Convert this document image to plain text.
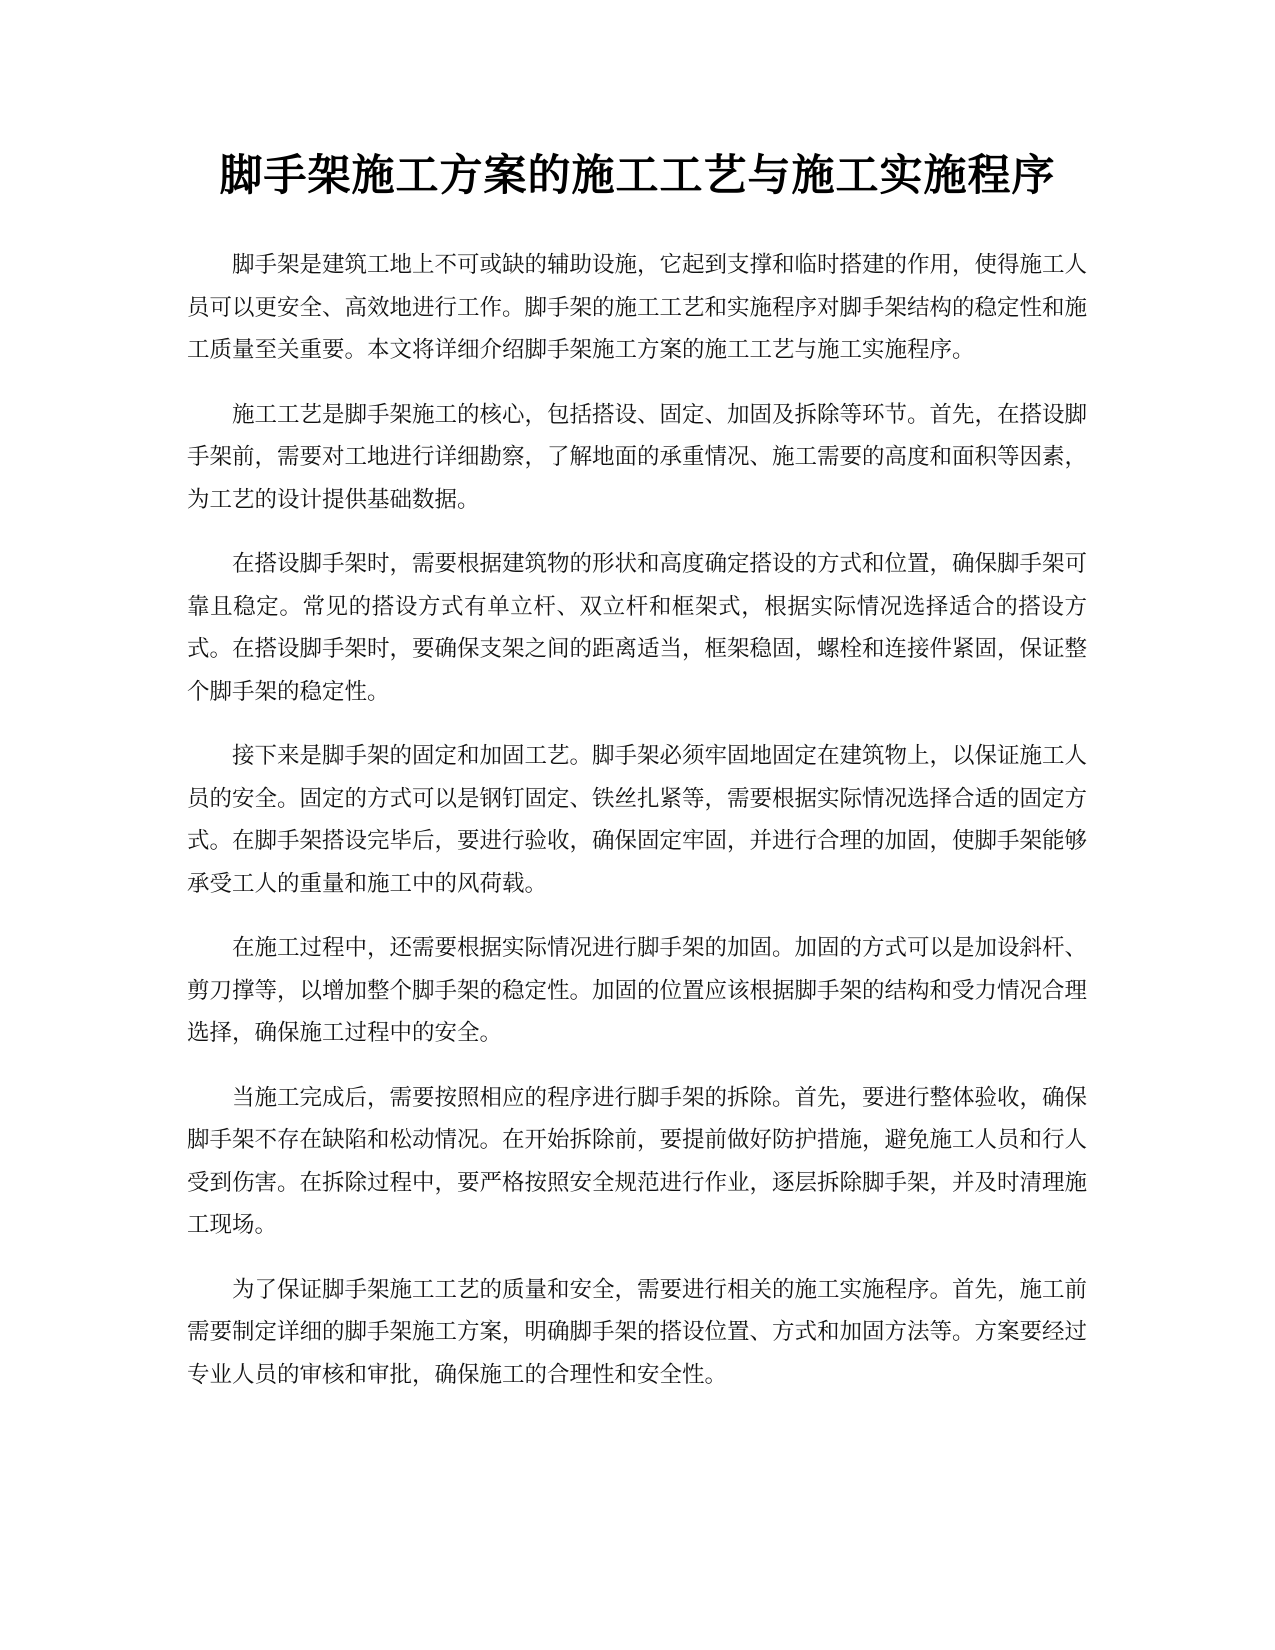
脚手架施工方案的施工工艺与施工实施程序

脚手架是建筑工地上不可或缺的辅助设施，它起到支撑和临时搭建的作用，使得施工人员可以更安全、高效地进行工作。脚手架的施工工艺和实施程序对脚手架结构的稳定性和施工质量至关重要。本文将详细介绍脚手架施工方案的施工工艺与施工实施程序。

施工工艺是脚手架施工的核心，包括搭设、固定、加固及拆除等环节。首先，在搭设脚手架前，需要对工地进行详细勘察，了解地面的承重情况、施工需要的高度和面积等因素，为工艺的设计提供基础数据。

在搭设脚手架时，需要根据建筑物的形状和高度确定搭设的方式和位置，确保脚手架可靠且稳定。常见的搭设方式有单立杆、双立杆和框架式，根据实际情况选择适合的搭设方式。在搭设脚手架时，要确保支架之间的距离适当，框架稳固，螺栓和连接件紧固，保证整个脚手架的稳定性。

接下来是脚手架的固定和加固工艺。脚手架必须牢固地固定在建筑物上，以保证施工人员的安全。固定的方式可以是钢钉固定、铁丝扎紧等，需要根据实际情况选择合适的固定方式。在脚手架搭设完毕后，要进行验收，确保固定牢固，并进行合理的加固，使脚手架能够承受工人的重量和施工中的风荷载。

在施工过程中，还需要根据实际情况进行脚手架的加固。加固的方式可以是加设斜杆、剪刀撑等，以增加整个脚手架的稳定性。加固的位置应该根据脚手架的结构和受力情况合理选择，确保施工过程中的安全。

当施工完成后，需要按照相应的程序进行脚手架的拆除。首先，要进行整体验收，确保脚手架不存在缺陷和松动情况。在开始拆除前，要提前做好防护措施，避免施工人员和行人受到伤害。在拆除过程中，要严格按照安全规范进行作业，逐层拆除脚手架，并及时清理施工现场。

为了保证脚手架施工工艺的质量和安全，需要进行相关的施工实施程序。首先，施工前需要制定详细的脚手架施工方案，明确脚手架的搭设位置、方式和加固方法等。方案要经过专业人员的审核和审批，确保施工的合理性和安全性。
